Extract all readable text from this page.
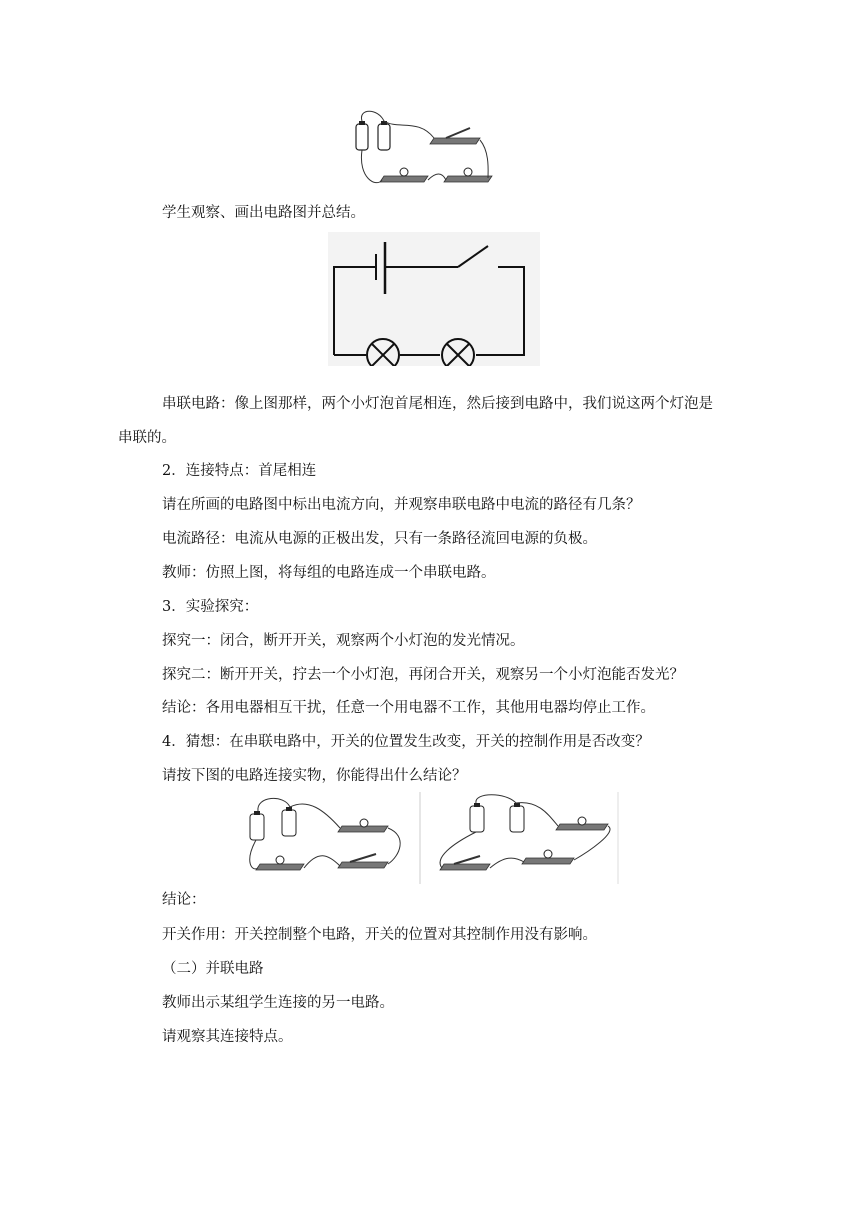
学生观察、画出电路图并总结。
串联电路：像上图那样，两个小灯泡首尾相连，然后接到电路中，我们说这两个灯泡是
串联的。
2．连接特点：首尾相连
请在所画的电路图中标出电流方向，并观察串联电路中电流的路径有几条？
电流路径：电流从电源的正极出发，只有一条路径流回电源的负极。
教师：仿照上图，将每组的电路连成一个串联电路。
3．实验探究：
探究一：闭合，断开开关，观察两个小灯泡的发光情况。
探究二：断开开关，拧去一个小灯泡，再闭合开关，观察另一个小灯泡能否发光？
结论：各用电器相互干扰，任意一个用电器不工作，其他用电器均停止工作。
4．猜想：在串联电路中，开关的位置发生改变，开关的控制作用是否改变？
请按下图的电路连接实物，你能得出什么结论？
结论：
开关作用：开关控制整个电路，开关的位置对其控制作用没有影响。
（二）并联电路
教师出示某组学生连接的另一电路。
请观察其连接特点。
